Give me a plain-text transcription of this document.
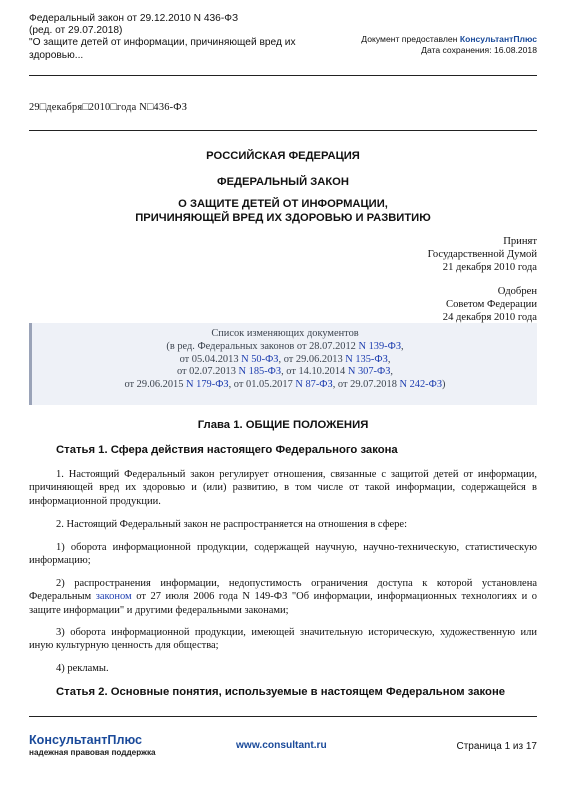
Федеральный закон от 29.12.2010 N 436-ФЗ
(ред. от 29.07.2018)
"О защите детей от информации, причиняющей вред их
здоровью...
Документ предоставлен КонсультантПлюс
Дата сохранения: 16.08.2018
29□декабря□2010□года N□436-ФЗ
РОССИЙСКАЯ ФЕДЕРАЦИЯ
ФЕДЕРАЛЬНЫЙ ЗАКОН
О ЗАЩИТЕ ДЕТЕЙ ОТ ИНФОРМАЦИИ,
ПРИЧИНЯЮЩЕЙ ВРЕД ИХ ЗДОРОВЬЮ И РАЗВИТИЮ
Принят
Государственной Думой
21 декабря 2010 года
Одобрен
Советом Федерации
24 декабря 2010 года
Список изменяющих документов
(в ред. Федеральных законов от 28.07.2012 N 139-ФЗ,
от 05.04.2013 N 50-ФЗ, от 29.06.2013 N 135-ФЗ,
от 02.07.2013 N 185-ФЗ, от 14.10.2014 N 307-ФЗ,
от 29.06.2015 N 179-ФЗ, от 01.05.2017 N 87-ФЗ, от 29.07.2018 N 242-ФЗ)
Глава 1. ОБЩИЕ ПОЛОЖЕНИЯ
Статья 1. Сфера действия настоящего Федерального закона
1. Настоящий Федеральный закон регулирует отношения, связанные с защитой детей от информации, причиняющей вред их здоровью и (или) развитию, в том числе от такой информации, содержащейся в информационной продукции.
2. Настоящий Федеральный закон не распространяется на отношения в сфере:
1) оборота информационной продукции, содержащей научную, научно-техническую, статистическую информацию;
2) распространения информации, недопустимость ограничения доступа к которой установлена Федеральным законом от 27 июля 2006 года N 149-ФЗ "Об информации, информационных технологиях и о защите информации" и другими федеральными законами;
3) оборота информационной продукции, имеющей значительную историческую, художественную или иную культурную ценность для общества;
4) рекламы.
Статья 2. Основные понятия, используемые в настоящем Федеральном законе
КонсультантПлюс
надежная правовая поддержка
www.consultant.ru	Страница 1 из 17
